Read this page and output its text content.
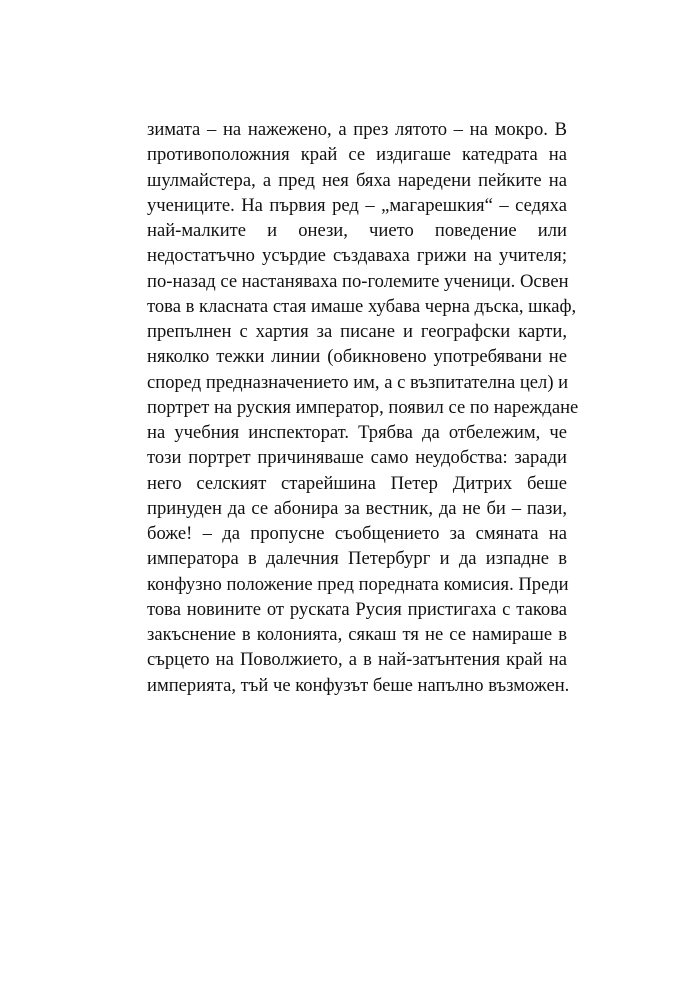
зимата – на нажежено, а през лятото – на мокро. В
противоположния край се издигаше катедрата на
шулмайстера, а пред нея бяха наредени пейките на
учениците. На първия ред – „магарешкия“ – седяха
най-малките и онези, чието поведение или
недостатъчно усърдие създаваха грижи на учителя;
по-назад се настаняваха по-големите ученици. Освен
това в класната стая имаше хубава черна дъска, шкаф,
препълнен с хартия за писане и географски карти,
няколко тежки линии (обикновено употребявани не
според предназначението им, а с възпитателна цел) и
портрет на руския император, появил се по нареждане
на учебния инспекторат. Трябва да отбележим, че
този портрет причиняваше само неудобства: заради
него селският старейшина Петер Дитрих беше
принуден да се абонира за вестник, да не би – пази,
боже! – да пропусне съобщението за смяната на
императора в далечния Петербург и да изпадне в
конфузно положение пред поредната комисия. Преди
това новините от руската Русия пристигаха с такова
закъснение в колонията, сякаш тя не се намираше в
сърцето на Поволжието, а в най-затънтения край на
империята, тъй че конфузът беше напълно възможен.
